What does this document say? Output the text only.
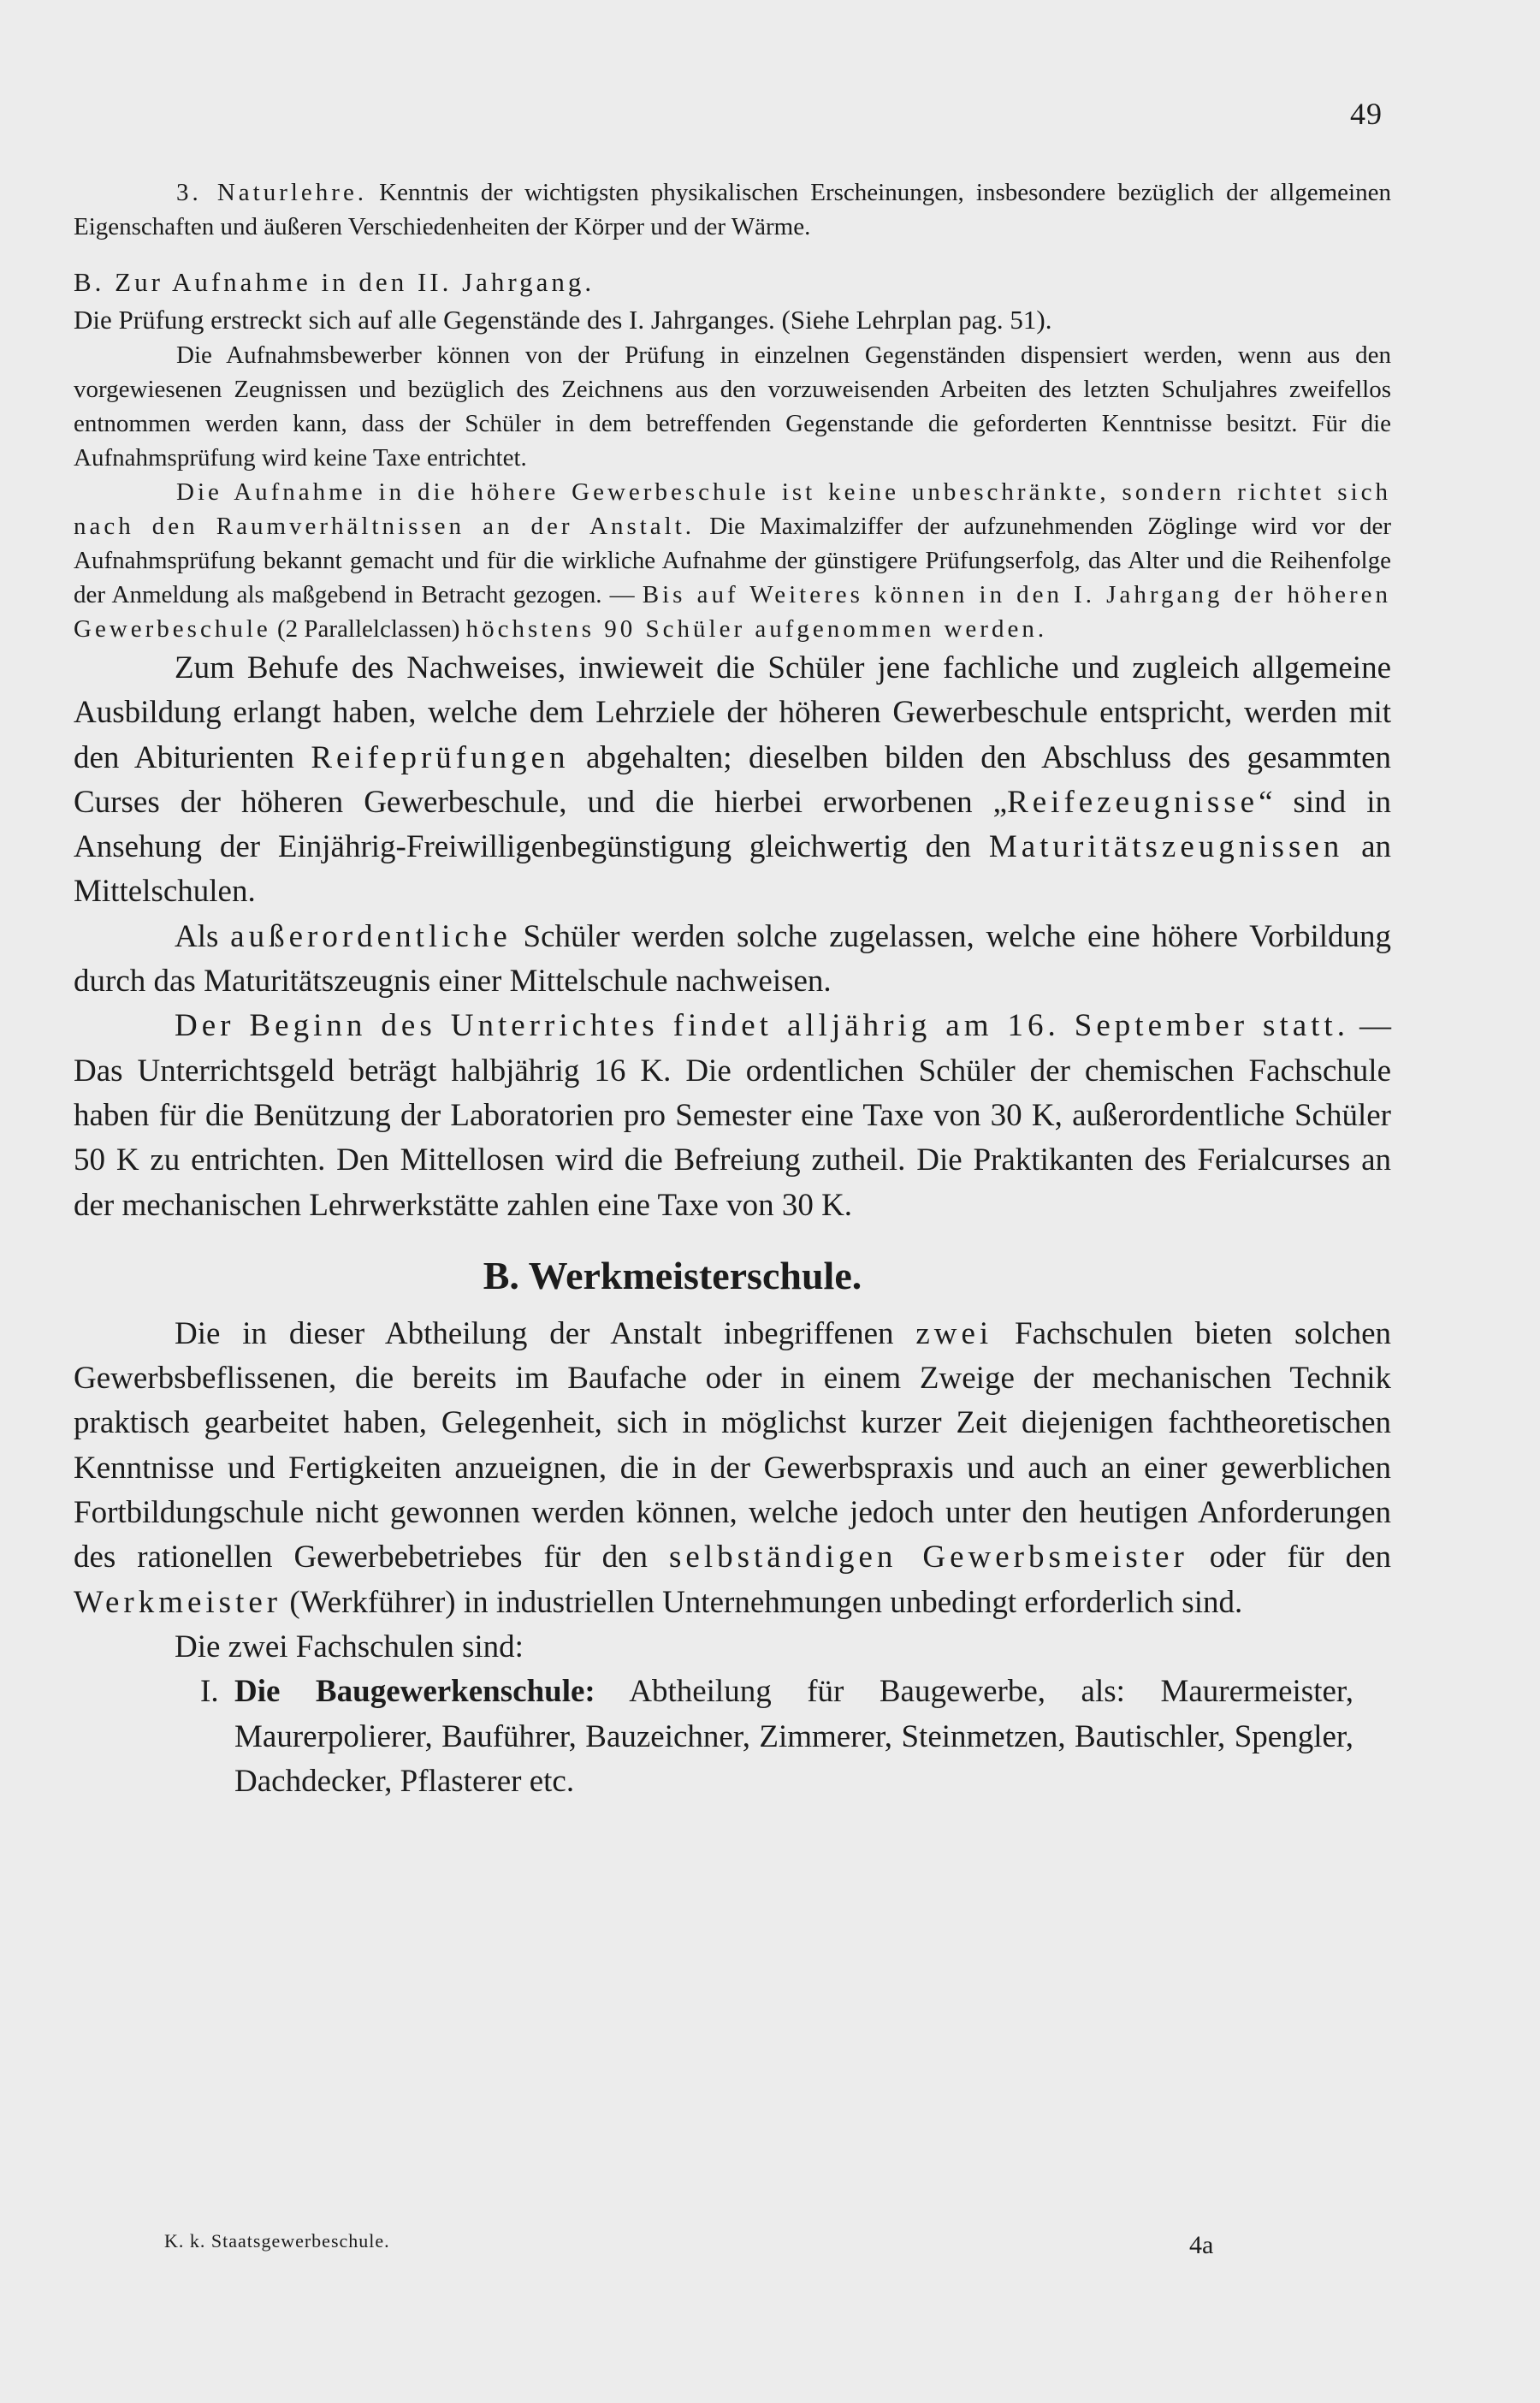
49

3. Naturlehre. Kenntnis der wichtigsten physikalischen Erscheinungen, insbesondere bezüglich der allgemeinen Eigenschaften und äußeren Verschiedenheiten der Körper und der Wärme.

B. Zur Aufnahme in den II. Jahrgang.

Die Prüfung erstreckt sich auf alle Gegenstände des I. Jahrganges. (Siehe Lehrplan pag. 51).

Die Aufnahmsbewerber können von der Prüfung in einzelnen Gegenständen dispensiert werden, wenn aus den vorgewiesenen Zeugnissen und bezüglich des Zeichnens aus den vorzuweisenden Arbeiten des letzten Schuljahres zweifellos entnommen werden kann, dass der Schüler in dem betreffenden Gegenstande die geforderten Kenntnisse besitzt. Für die Aufnahmsprüfung wird keine Taxe entrichtet.

Die Aufnahme in die höhere Gewerbeschule ist keine unbeschränkte, sondern richtet sich nach den Raumverhältnissen an der Anstalt. Die Maximalziffer der aufzunehmenden Zöglinge wird vor der Aufnahmsprüfung bekannt gemacht und für die wirkliche Aufnahme der günstigere Prüfungserfolg, das Alter und die Reihenfolge der Anmeldung als maßgebend in Betracht gezogen. — Bis auf Weiteres können in den I. Jahrgang der höheren Gewerbeschule (2 Parallelclassen) höchstens 90 Schüler aufgenommen werden.

Zum Behufe des Nachweises, inwieweit die Schüler jene fachliche und zugleich allgemeine Ausbildung erlangt haben, welche dem Lehrziele der höheren Gewerbeschule entspricht, werden mit den Abiturienten Reifeprüfungen abgehalten; dieselben bilden den Abschluss des gesammten Curses der höheren Gewerbeschule, und die hierbei erworbenen „Reifezeugnisse“ sind in Ansehung der Einjährig-Freiwilligenbegünstigung gleichwertig den Maturitätszeugnissen an Mittelschulen.

Als außerordentliche Schüler werden solche zugelassen, welche eine höhere Vorbildung durch das Maturitätszeugnis einer Mittelschule nachweisen.

Der Beginn des Unterrichtes findet alljährig am 16. September statt. — Das Unterrichtsgeld beträgt halbjährig 16 K. Die ordentlichen Schüler der chemischen Fachschule haben für die Benützung der Laboratorien pro Semester eine Taxe von 30 K, außerordentliche Schüler 50 K zu entrichten. Den Mittellosen wird die Befreiung zutheil. Die Praktikanten des Ferialcurses an der mechanischen Lehrwerkstätte zahlen eine Taxe von 30 K.

B. Werkmeisterschule.

Die in dieser Abtheilung der Anstalt inbegriffenen zwei Fachschulen bieten solchen Gewerbsbeflissenen, die bereits im Baufache oder in einem Zweige der mechanischen Technik praktisch gearbeitet haben, Gelegenheit, sich in möglichst kurzer Zeit diejenigen fachtheoretischen Kenntnisse und Fertigkeiten anzueignen, die in der Gewerbspraxis und auch an einer gewerblichen Fortbildungschule nicht gewonnen werden können, welche jedoch unter den heutigen Anforderungen des rationellen Gewerbebetriebes für den selbständigen Gewerbsmeister oder für den Werkmeister (Werkführer) in industriellen Unternehmungen unbedingt erforderlich sind.

Die zwei Fachschulen sind:

I. Die Baugewerkenschule: Abtheilung für Baugewerbe, als: Maurermeister, Maurerpolierer, Bauführer, Bauzeichner, Zimmerer, Steinmetzen, Bautischler, Spengler, Dachdecker, Pflasterer etc.
K. k. Staatsgewerbeschule.	4a
